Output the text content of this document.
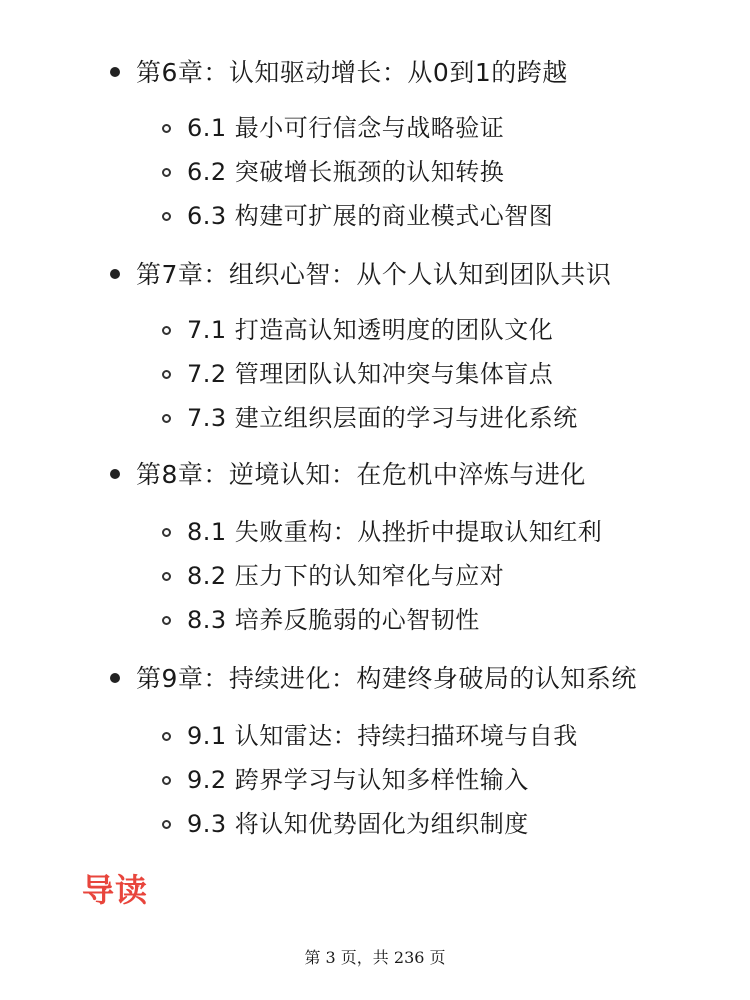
第6章：认知驱动增长：从0到1的跨越
6.1 最小可行信念与战略验证
6.2 突破增长瓶颈的认知转换
6.3 构建可扩展的商业模式心智图
第7章：组织心智：从个人认知到团队共识
7.1 打造高认知透明度的团队文化
7.2 管理团队认知冲突与集体盲点
7.3 建立组织层面的学习与进化系统
第8章：逆境认知：在危机中淬炼与进化
8.1 失败重构：从挫折中提取认知红利
8.2 压力下的认知窄化与应对
8.3 培养反脆弱的心智韧性
第9章：持续进化：构建终身破局的认知系统
9.1 认知雷达：持续扫描环境与自我
9.2 跨界学习与认知多样性输入
9.3 将认知优势固化为组织制度
导读
第 3 页，共 236 页
